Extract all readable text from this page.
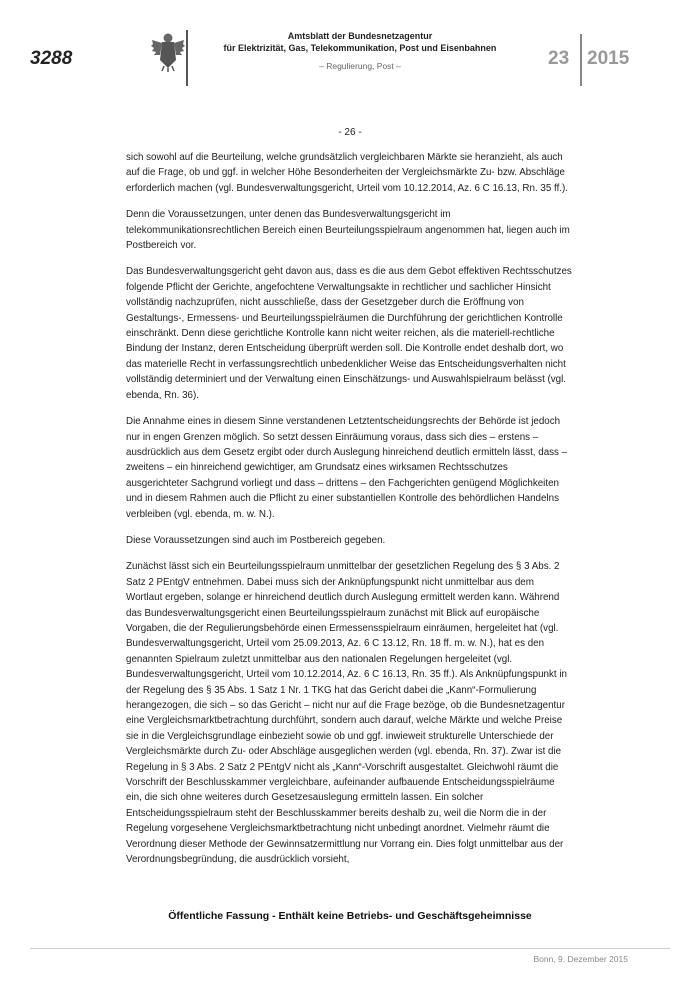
3288
Amtsblatt der Bundesnetzagentur
für Elektrizität, Gas, Telekommunikation, Post und Eisenbahnen
– Regulierung, Post –	23 2015
- 26 -

sich sowohl auf die Beurteilung, welche grundsätzlich vergleichbaren Märkte sie heranzieht, als auch auf die Frage, ob und ggf. in welcher Höhe Besonderheiten der Vergleichsmärkte Zu- bzw. Abschläge erforderlich machen (vgl. Bundesverwaltungsgericht, Urteil vom 10.12.2014, Az. 6 C 16.13, Rn. 35 ff.).

Denn die Voraussetzungen, unter denen das Bundesverwaltungsgericht im telekommunikationsrechtlichen Bereich einen Beurteilungsspielraum angenommen hat, liegen auch im Postbereich vor.

Das Bundesverwaltungsgericht geht davon aus, dass es die aus dem Gebot effektiven Rechtsschutzes folgende Pflicht der Gerichte, angefochtene Verwaltungsakte in rechtlicher und sachlicher Hinsicht vollständig nachzuprüfen, nicht ausschließe, dass der Gesetzgeber durch die Eröffnung von Gestaltungs-, Ermessens- und Beurteilungsspielräumen die Durchführung der gerichtlichen Kontrolle einschränkt. Denn diese gerichtliche Kontrolle kann nicht weiter reichen, als die materiell-rechtliche Bindung der Instanz, deren Entscheidung überprüft werden soll. Die Kontrolle endet deshalb dort, wo das materielle Recht in verfassungsrechtlich unbedenklicher Weise das Entscheidungsverhalten nicht vollständig determiniert und der Verwaltung einen Einschätzungs- und Auswahlspielraum belässt (vgl. ebenda, Rn. 36).

Die Annahme eines in diesem Sinne verstandenen Letztentscheidungsrechts der Behörde ist jedoch nur in engen Grenzen möglich. So setzt dessen Einräumung voraus, dass sich dies – erstens – ausdrücklich aus dem Gesetz ergibt oder durch Auslegung hinreichend deutlich ermitteln lässt, dass – zweitens – ein hinreichend gewichtiger, am Grundsatz eines wirksamen Rechtsschutzes ausgerichteter Sachgrund vorliegt und dass – drittens – den Fachgerichten genügend Möglichkeiten und in diesem Rahmen auch die Pflicht zu einer substantiellen Kontrolle des behördlichen Handelns verbleiben (vgl. ebenda, m. w. N.).

Diese Voraussetzungen sind auch im Postbereich gegeben.

Zunächst lässt sich ein Beurteilungsspielraum unmittelbar der gesetzlichen Regelung des § 3 Abs. 2 Satz 2 PEntgV entnehmen. Dabei muss sich der Anknüpfungspunkt nicht unmittelbar aus dem Wortlaut ergeben, solange er hinreichend deutlich durch Auslegung ermittelt werden kann. Während das Bundesverwaltungsgericht einen Beurteilungsspielraum zunächst mit Blick auf europäische Vorgaben, die der Regulierungsbehörde einen Ermessensspielraum einräumen, hergeleitet hat (vgl. Bundesverwaltungsgericht, Urteil vom 25.09.2013, Az. 6 C 13.12, Rn. 18 ff. m. w. N.), hat es den genannten Spielraum zuletzt unmittelbar aus den nationalen Regelungen hergeleitet (vgl. Bundesverwaltungsgericht, Urteil vom 10.12.2014, Az. 6 C 16.13, Rn. 35 ff.). Als Anknüpfungspunkt in der Regelung des § 35 Abs. 1 Satz 1 Nr. 1 TKG hat das Gericht dabei die „Kann“-Formulierung herangezogen, die sich – so das Gericht – nicht nur auf die Frage bezöge, ob die Bundesnetzagentur eine Vergleichsmarktbetrachtung durchführt, sondern auch darauf, welche Märkte und welche Preise sie in die Vergleichsgrundlage einbezieht sowie ob und ggf. inwieweit strukturelle Unterschiede der Vergleichsmärkte durch Zu- oder Abschläge ausgeglichen werden (vgl. ebenda, Rn. 37). Zwar ist die Regelung in § 3 Abs. 2 Satz 2 PEntgV nicht als „Kann“-Vorschrift ausgestaltet. Gleichwohl räumt die Vorschrift der Beschlusskammer vergleichbare, aufeinander aufbauende Entscheidungsspielräume ein, die sich ohne weiteres durch Gesetzesauslegung ermitteln lassen. Ein solcher Entscheidungsspielraum steht der Beschlusskammer bereits deshalb zu, weil die Norm die in der Regelung vorgesehene Vergleichsmarktbetrachtung nicht unbedingt anordnet. Vielmehr räumt die Verordnung dieser Methode der Gewinnsatzermittlung nur Vorrang ein. Dies folgt unmittelbar aus der Verordnungsbegründung, die ausdrücklich vorsieht,

Öffentliche Fassung - Enthält keine Betriebs- und Geschäftsgeheimnisse
Bonn, 9. Dezember 2015
